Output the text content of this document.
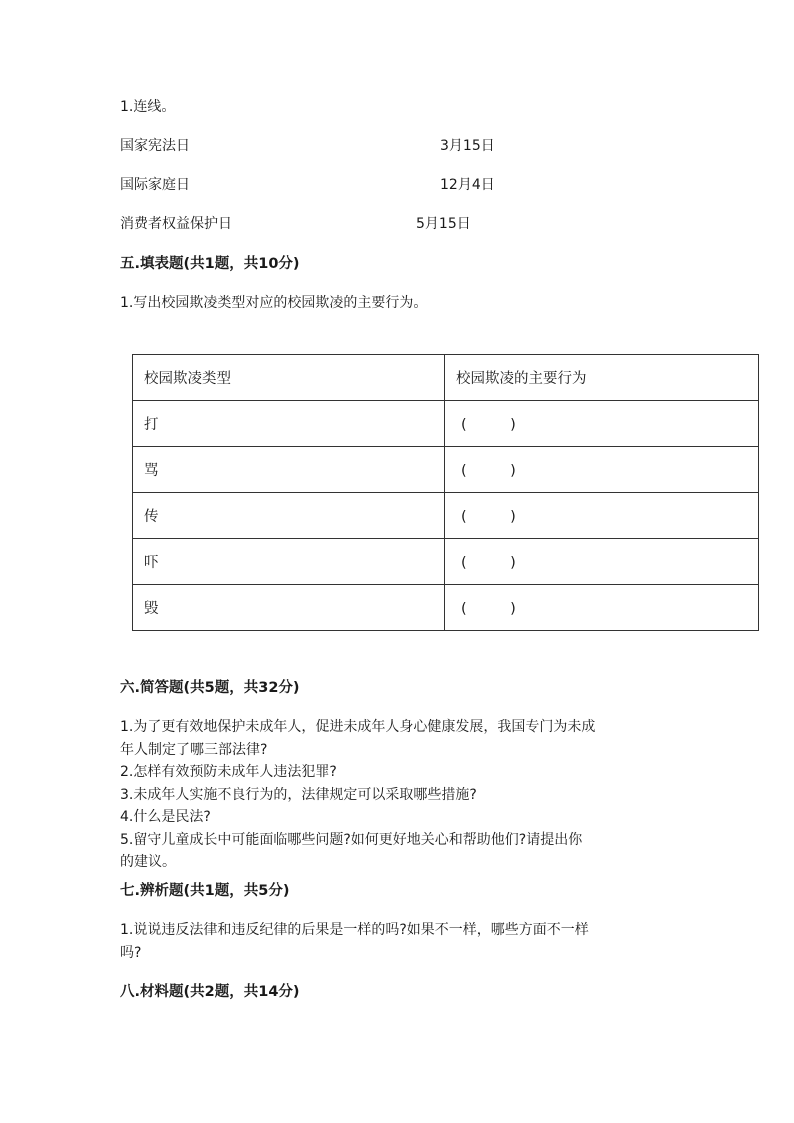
1.连线。
国家宪法日	3月15日
国际家庭日	12月4日
消费者权益保护日	5月15日
五.填表题(共1题，共10分)
1.写出校园欺凌类型对应的校园欺凌的主要行为。
校园欺凌类型	校园欺凌的主要行为
打	(　　　)
骂	(　　　)
传	(　　　)
吓	(　　　)
毁	(　　　)
六.简答题(共5题，共32分)
1.为了更有效地保护未成年人，促进未成年人身心健康发展，我国专门为未成
年人制定了哪三部法律?
2.怎样有效预防未成年人违法犯罪?
3.未成年人实施不良行为的，法律规定可以采取哪些措施?
4.什么是民法?
5.留守儿童成长中可能面临哪些问题?如何更好地关心和帮助他们?请提出你
的建议。
七.辨析题(共1题，共5分)
1.说说违反法律和违反纪律的后果是一样的吗?如果不一样，哪些方面不一样
吗?
八.材料题(共2题，共14分)
